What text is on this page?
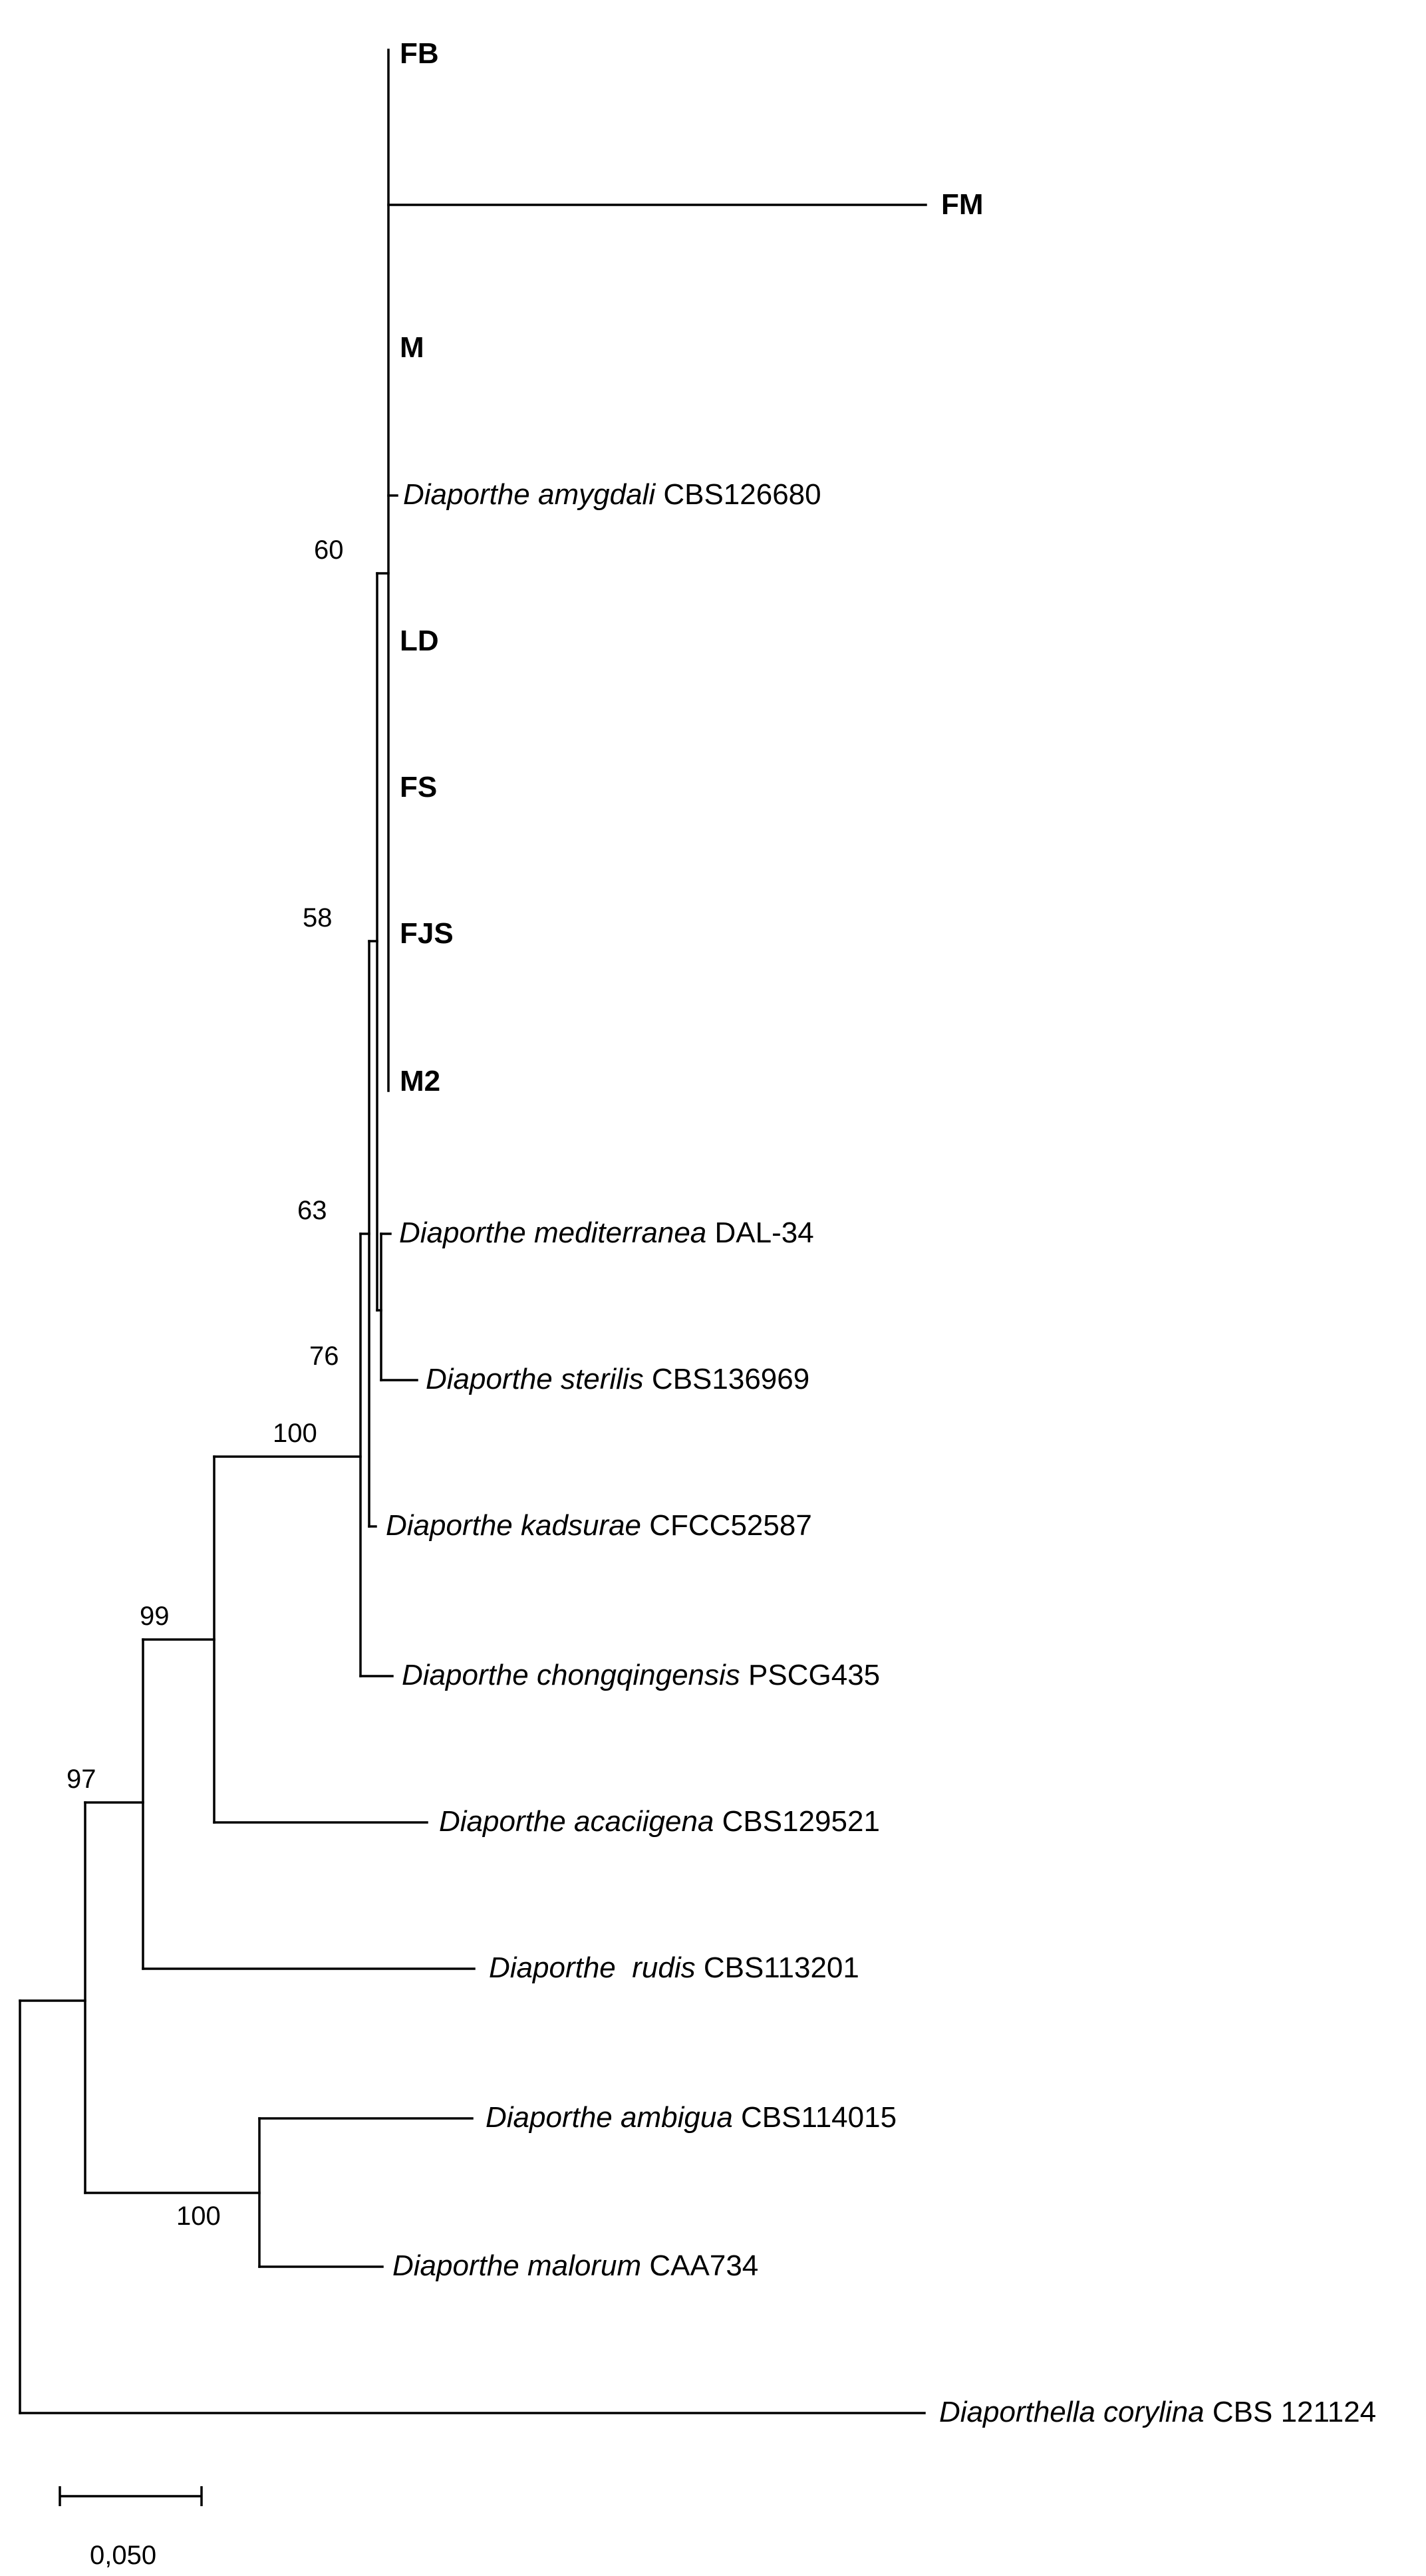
FB
FM
M
Diaporthe amygdali CBS126680
LD
FS
FJS
M2
Diaporthe mediterranea DAL-34
Diaporthe sterilis CBS136969
Diaporthe kadsurae CFCC52587
Diaporthe chongqingensis PSCG435
Diaporthe acaciigena CBS129521
Diaporthe  rudis CBS113201
Diaporthe ambigua CBS114015
Diaporthe malorum CAA734
Diaporthella corylina CBS 121124
60
58
63
76
100
99
97
100
0,050
